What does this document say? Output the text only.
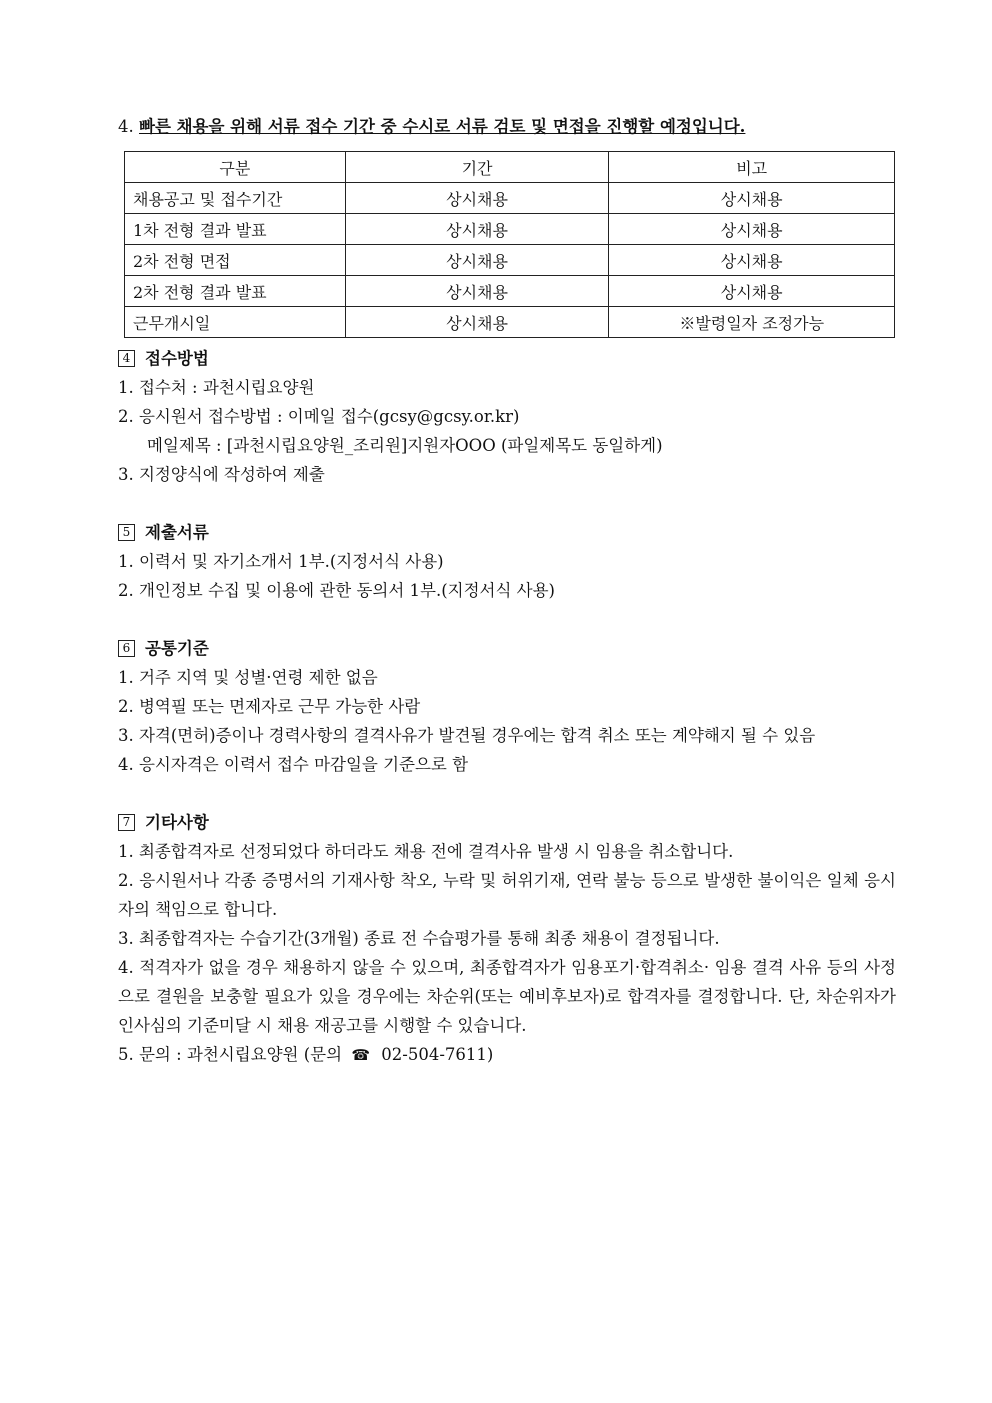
4. 빠른 채용을 위해 서류 접수 기간 중 수시로 서류 검토 및 면접을 진행할 예정입니다.
구분	기간	비고
채용공고 및 접수기간	상시채용	상시채용
1차 전형 결과 발표	상시채용	상시채용
2차 전형 면접	상시채용	상시채용
2차 전형 결과 발표	상시채용	상시채용
근무개시일	상시채용	※발령일자 조정가능
4 접수방법
1. 접수처 : 과천시립요양원
2. 응시원서 접수방법 : 이메일 접수(gcsy@gcsy.or.kr)
메일제목 : [과천시립요양원_조리원]지원자OOO (파일제목도 동일하게)
3. 지정양식에 작성하여 제출
5 제출서류
1. 이력서 및 자기소개서 1부.(지정서식 사용)
2. 개인정보 수집 및 이용에 관한 동의서 1부.(지정서식 사용)
6 공통기준
1. 거주 지역 및 성별·연령 제한 없음
2. 병역필 또는 면제자로 근무 가능한 사람
3. 자격(면허)증이나 경력사항의 결격사유가 발견될 경우에는 합격 취소 또는 계약해지 될 수 있음
4. 응시자격은 이력서 접수 마감일을 기준으로 함
7 기타사항
1. 최종합격자로 선정되었다 하더라도 채용 전에 결격사유 발생 시 임용을 취소합니다.
2. 응시원서나 각종 증명서의 기재사항 착오, 누락 및 허위기재, 연락 불능 등으로 발생한 불이익은 일체 응시자의 책임으로 합니다.
3. 최종합격자는 수습기간(3개월) 종료 전 수습평가를 통해 최종 채용이 결정됩니다.
4. 적격자가 없을 경우 채용하지 않을 수 있으며, 최종합격자가 임용포기·합격취소· 임용 결격 사유 등의 사정으로 결원을 보충할 필요가 있을 경우에는 차순위(또는 예비후보자)로 합격자를 결정합니다. 단, 차순위자가 인사심의 기준미달 시 채용 재공고를 시행할 수 있습니다.
5. 문의 : 과천시립요양원 (문의 ☎ 02-504-7611)
